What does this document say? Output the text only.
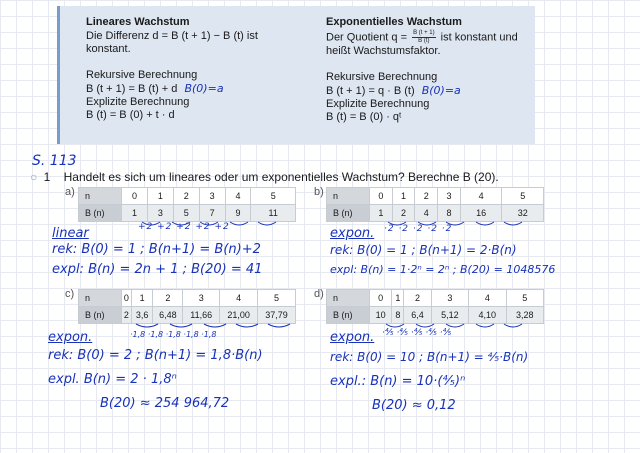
Lineares Wachstum
Die Differenz d = B (t + 1) − B (t) ist
konstant.
Rekursive Berechnung
B (t + 1) = B (t) + d B(0)=a
Explizite Berechnung
B (t) = B (0) + t · d
Exponentielles Wachstum
Der Quotient $q = \frac{B (t + 1)}{B (t)}$ ist konstant und
heißt Wachstumsfaktor.
Rekursive Berechnung
B (t + 1) = q · B (t) B(0)=a
Explizite Berechnung
B (t) = B (0) · qᵗ
S. 113
○ 1 Handelt es sich um lineares oder um exponentielles Wachstum? Berechne B (20).
a)	b)
c)	d)
n	0	1	2	3	4	5
B (n)	1	3	5	7	9	11
n	0	1	2	3	4	5
B (n)	1	2	4	8	16	32
n	0	1	2	3	4	5
B (n)	2	3,6	6,48	11,66	21,00	37,79
n	0	1	2	3	4	5
B (n)	10	8	6,4	5,12	4,10	3,28
+2 +2 +2 +2 +2
linear
rek: B(0) = 1 ; B(n+1) = B(n)+2
expl: B(n) = 2n + 1 ; B(20) = 41
·2 ·2 ·2 ·2 ·2
expon.
rek: B(0) = 1 ; B(n+1) = 2·B(n)
expl: B(n) = 1·2ⁿ = 2ⁿ ; B(20) = 1048576
·1,8 ·1,8 ·1,8 ·1,8 ·1,8
expon.
rek: B(0) = 2 ; B(n+1) = 1,8·B(n)
expl. B(n) = 2 · 1,8ⁿ
B(20) ≈ 254 964,72
·⁴⁄₅ ·⁴⁄₅ ·⁴⁄₅ ·⁴⁄₅ ·⁴⁄₅
expon.
rek: B(0) = 10 ; B(n+1) = ⁴⁄₅·B(n)
expl.: B(n) = 10·(⁴⁄₅)ⁿ
B(20) ≈ 0,12
